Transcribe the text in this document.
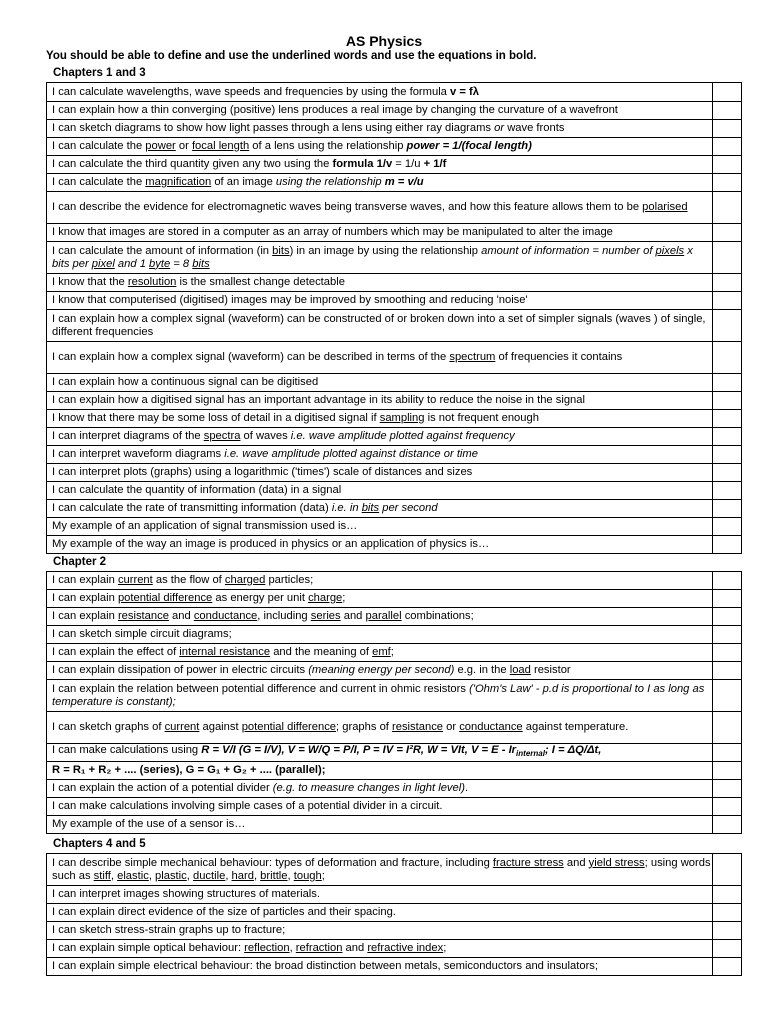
AS Physics
You should be able to define and use the underlined words and use the equations in bold.
Chapters 1 and 3
I can calculate wavelengths, wave speeds and frequencies by using the formula v = fλ	
I can explain how a thin converging (positive) lens produces a real image by changing the curvature of a wavefront	
I can sketch diagrams to show how light passes through a lens using either ray diagrams or wave fronts	
I can calculate the power or focal length of a lens using the relationship power = 1/(focal length)	
I can calculate the third quantity given any two using the formula 1/v = 1/u + 1/f	
I can calculate the magnification of an image using the relationship m = v/u	
I can describe the evidence for electromagnetic waves being transverse waves, and how this feature allows them to be polarised	
I know that images are stored in a computer as an array of numbers which may be manipulated to alter the image	
I can calculate the amount of information (in bits) in an image by using the relationship amount of information = number of pixels x bits per pixel and 1 byte = 8 bits	
I know that the resolution is the smallest change detectable	
I know that computerised (digitised) images may be improved by smoothing and reducing 'noise'	
I can explain how a complex signal (waveform) can be constructed of or broken down into a set of simpler signals (waves ) of single, different frequencies	
I can explain how a complex signal (waveform) can be described in terms of the spectrum of frequencies it contains	
I can explain how a continuous signal can be digitised	
I can explain how a digitised signal has an important advantage in its ability to reduce the noise in the signal	
I know that there may be some loss of detail in a digitised signal if sampling is not frequent enough	
I can interpret diagrams of the spectra of waves i.e. wave amplitude plotted against frequency	
I can interpret waveform diagrams i.e. wave amplitude plotted against distance or time	
I can interpret plots (graphs) using a logarithmic ('times') scale of distances and sizes	
I can calculate the quantity of information (data) in a signal	
I can calculate the rate of transmitting information (data) i.e. in bits per second	
My example of an application of signal transmission used is…	
My example of the way an image is produced in physics or an application of physics is…	
Chapter 2
I can explain current as the flow of charged particles;	
I can explain potential difference as energy per unit charge;	
I can explain resistance and conductance, including series and parallel combinations;	
I can sketch simple circuit diagrams;	
I can explain the effect of internal resistance and the meaning of emf;	
I can explain dissipation of power in electric circuits (meaning energy per second) e.g. in the load resistor	
I can explain the relation between potential difference and current in ohmic resistors ('Ohm's Law' - p.d is proportional to I as long as temperature is constant);	
I can sketch graphs of current against potential difference; graphs of resistance or conductance against temperature.	
I can make calculations using R = V/I (G = I/V), V = W/Q = P/I, P = IV = I²R, W = VIt, $V = E - Ir_{internal}$; I = ΔQ/Δt,	
R = R₁ + R₂ + .... (series), G = G₁ + G₂ + .... (parallel);	
I can explain the action of a potential divider (e.g. to measure changes in light level).	
I can make calculations involving simple cases of a potential divider in a circuit.	
My example of the use of a sensor is…	
Chapters 4 and 5
I can describe simple mechanical behaviour: types of deformation and fracture, including fracture stress and yield stress; using words such as stiff, elastic, plastic, ductile, hard, brittle, tough;	
I can interpret images showing structures of materials.	
I can explain direct evidence of the size of particles and their spacing.	
I can sketch stress-strain graphs up to fracture;	
I can explain simple optical behaviour: reflection, refraction and refractive index;	
I can explain simple electrical behaviour: the broad distinction between metals, semiconductors and insulators;	
